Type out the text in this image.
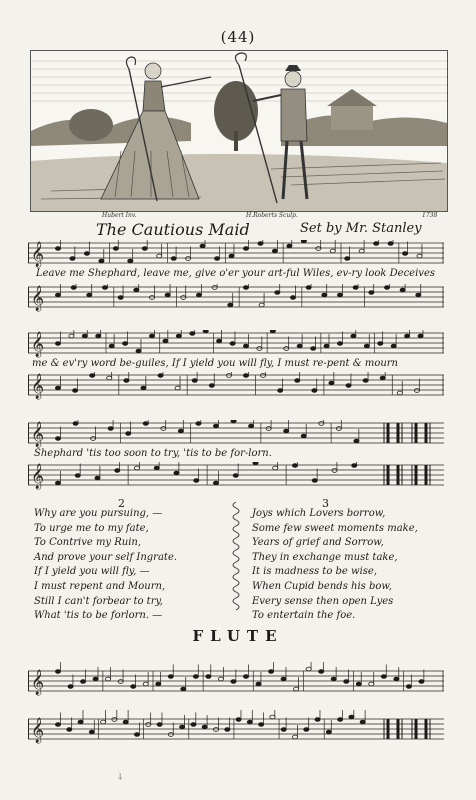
(44)
Hubert Inv.	H.Roberts Sculp.	1738
The Cautious Maid	Set by Mr. Stanley
𝄞
Leave me Shephard, leave me, give o'er your art-ful Wiles, ev-ry look Deceives
𝄞
𝄞
me & ev'ry word be-guiles, If I yield you will fly, I must re-pent & mourn
𝄞
𝄞
Shephard 'tis too soon to try, 'tis to be for-lorn.
𝄞
2
Why are you pursuing, —
To urge me to my fate,
To Contrive my Ruin,
And prove your self Ingrate.
If I yield you will fly, —
I must repent and Mourn,
Still I can't forbear to try,
What 'tis to be forlorn. —
3
Joys which Lovers borrow,
Some few sweet moments make,
Years of grief and Sorrow,
They in exchange must take,
It is madness to be wise,
When Cupid bends his bow,
Every sense then open Lyes
To entertain the foe.
FLUTE
𝄞
𝄞
⸸
